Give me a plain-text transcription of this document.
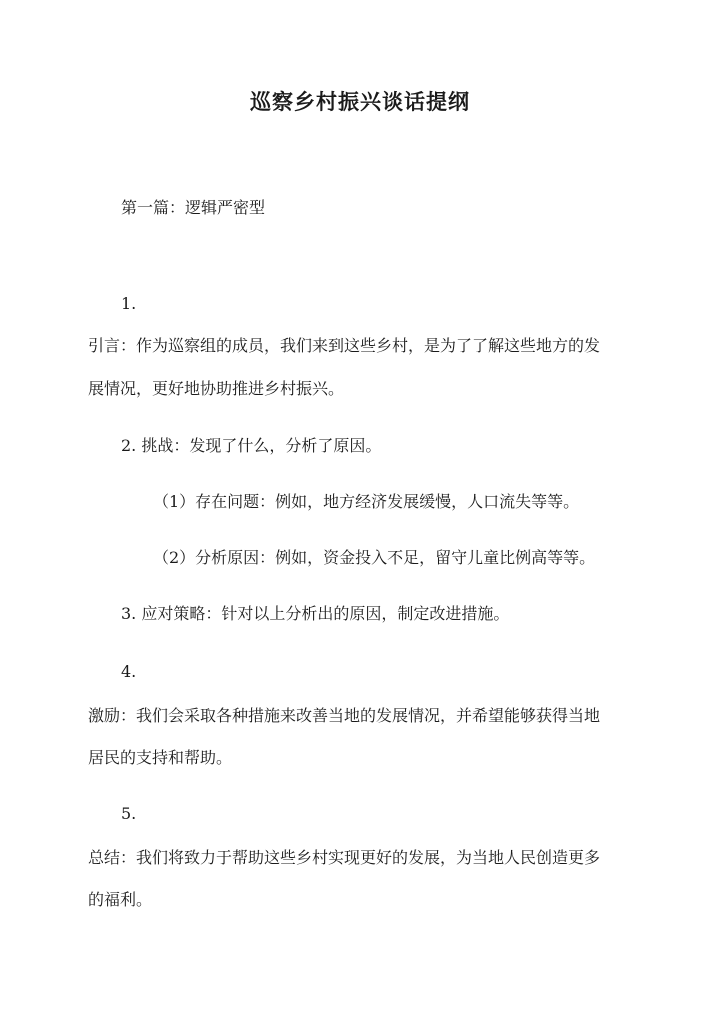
巡察乡村振兴谈话提纲
第一篇：逻辑严密型
1.
引言：作为巡察组的成员，我们来到这些乡村，是为了了解这些地方的发
展情况，更好地协助推进乡村振兴。
2. 挑战：发现了什么，分析了原因。
（1）存在问题：例如，地方经济发展缓慢，人口流失等等。
（2）分析原因：例如，资金投入不足，留守儿童比例高等等。
3. 应对策略：针对以上分析出的原因，制定改进措施。
4.
激励：我们会采取各种措施来改善当地的发展情况，并希望能够获得当地
居民的支持和帮助。
5.
总结：我们将致力于帮助这些乡村实现更好的发展，为当地人民创造更多
的福利。
